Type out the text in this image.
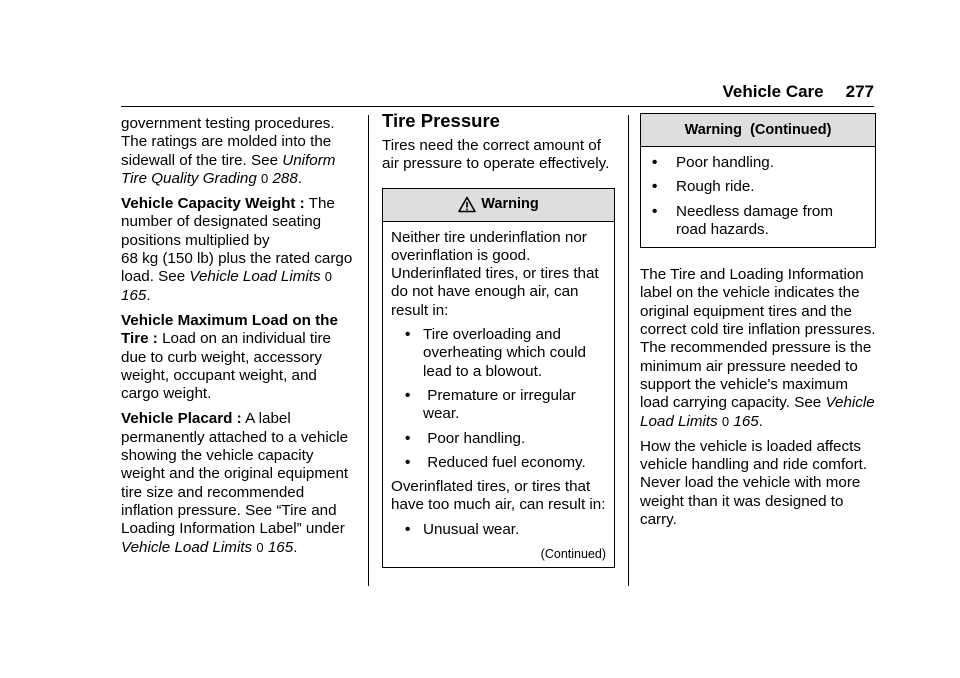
Vehicle Care 277

government testing procedures. The ratings are molded into the sidewall of the tire. See Uniform Tire Quality Grading 0 288.

Vehicle Capacity Weight : The number of designated seating positions multiplied by
68 kg (150 lb) plus the rated cargo load. See Vehicle Load Limits 0 165.

Vehicle Maximum Load on the Tire : Load on an individual tire due to curb weight, accessory weight, occupant weight, and cargo weight.

Vehicle Placard : A label permanently attached to a vehicle showing the vehicle capacity weight and the original equipment tire size and recommended inflation pressure. See “Tire and Loading Information Label” under Vehicle Load Limits 0 165.

Tire Pressure

Tires need the correct amount of air pressure to operate effectively.

Warning

Neither tire underinflation nor overinflation is good. Underinflated tires, or tires that do not have enough air, can result in:

• Tire overloading and overheating which could lead to a blowout.
• Premature or irregular wear.
• Poor handling.
• Reduced fuel economy.

Overinflated tires, or tires that have too much air, can result in:

• Unusual wear.
(Continued)
Warning  (Continued)
•	Poor handling.
•	Rough ride.
•	Needless damage from road hazards.

The Tire and Loading Information label on the vehicle indicates the original equipment tires and the correct cold tire inflation pressures. The recommended pressure is the minimum air pressure needed to support the vehicle's maximum load carrying capacity. See Vehicle Load Limits 0 165.

How the vehicle is loaded affects vehicle handling and ride comfort. Never load the vehicle with more weight than it was designed to carry.
